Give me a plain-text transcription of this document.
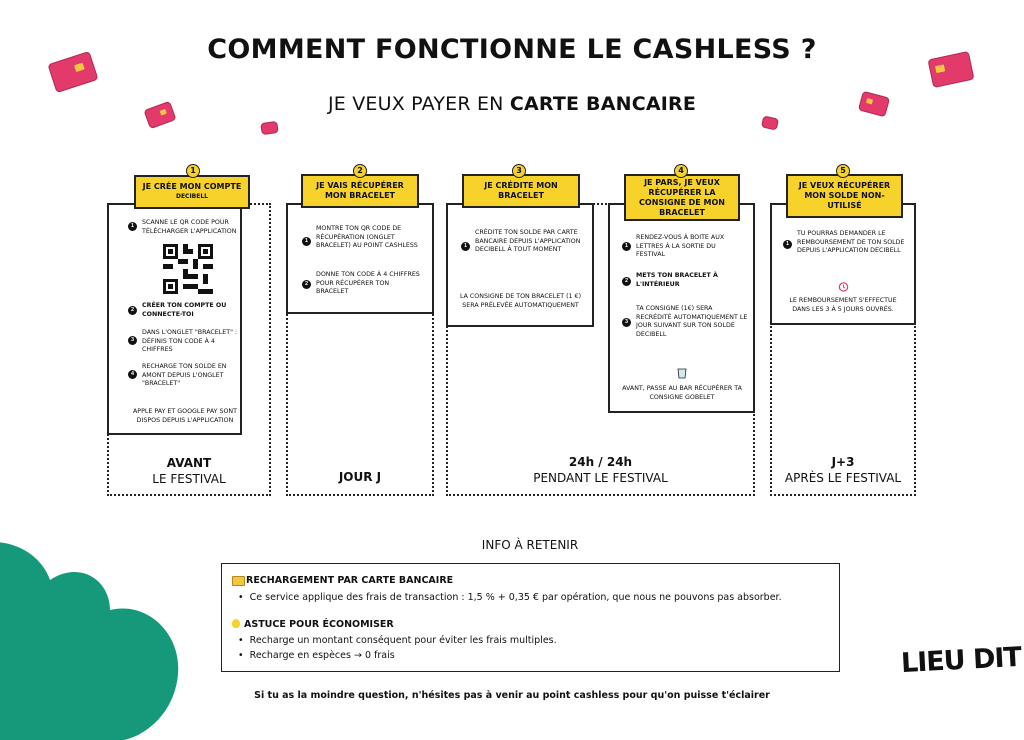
COMMENT FONCTIONNE LE CASHLESS ?
JE VEUX PAYER EN CARTE BANCAIRE
JE CRÉE MON COMPTE
DECIBELL
1
1	SCANNE LE QR CODE POUR TÉLÉCHARGER L'APPLICATION
2
CRÉER TON COMPTE OU CONNECTE-TOI
3
DANS L'ONGLET "BRACELET" : DÉFINIS TON CODE À 4 CHIFFRES
4
RECHARGE TON SOLDE EN AMONT DEPUIS L'ONGLET "BRACELET"
APPLE PAY ET GOOGLE PAY SONT DISPOS DEPUIS L'APPLICATION
AVANT
LE FESTIVAL
JE VAIS RÉCUPÉRER MON BRACELET
2
1
MONTRE TON QR CODE DE RÉCUPÉRATION (ONGLET BRACELET) AU POINT CASHLESS
2
DONNE TON CODE À 4 CHIFFRES POUR RÉCUPÉRER TON BRACELET
JOUR J
JE CRÉDITE MON BRACELET
3
1
CRÉDITE TON SOLDE PAR CARTE BANCAIRE DEPUIS L'APPLICATION DECIBELL À TOUT MOMENT
LA CONSIGNE DE TON BRACELET (1 €) SERA PRÉLEVÉE AUTOMATIQUEMENT
JE PARS, JE VEUX RÉCUPÉRER LA CONSIGNE DE MON BRACELET
4
1
RENDEZ-VOUS À BOITE AUX LETTRES À LA SORTIE DU FESTIVAL
2
METS TON BRACELET À L'INTÉRIEUR
3
TA CONSIGNE (1€) SERA RECRÉDITÉ AUTOMATIQUEMENT LE JOUR SUIVANT SUR TON SOLDE DECIBELL
AVANT, PASSE AU BAR RÉCUPÉRER TA CONSIGNE GOBELET
24h / 24h
PENDANT LE FESTIVAL
JE VEUX RÉCUPÉRER MON SOLDE NON-UTILISÉ
5
1
TU POURRAS DEMANDER LE REMBOURSEMENT DE TON SOLDE DEPUIS L'APPLICATION DECIBELL
LE REMBOURSEMENT S'EFFECTUE DANS LES 3 À 5 JOURS OUVRÉS.
J+3
APRÈS LE FESTIVAL
INFO À RETENIR
RECHARGEMENT PAR CARTE BANCAIRE
•  Ce service applique des frais de transaction : 1,5 % + 0,35 € par opération, que nous ne pouvons pas absorber.
ASTUCE POUR ÉCONOMISER
•  Recharge un montant conséquent pour éviter les frais multiples.
•  Recharge en espèces → 0 frais
Si tu as la moindre question, n'hésites pas à venir au point cashless pour qu'on puisse t'éclairer
LIEU DIT
